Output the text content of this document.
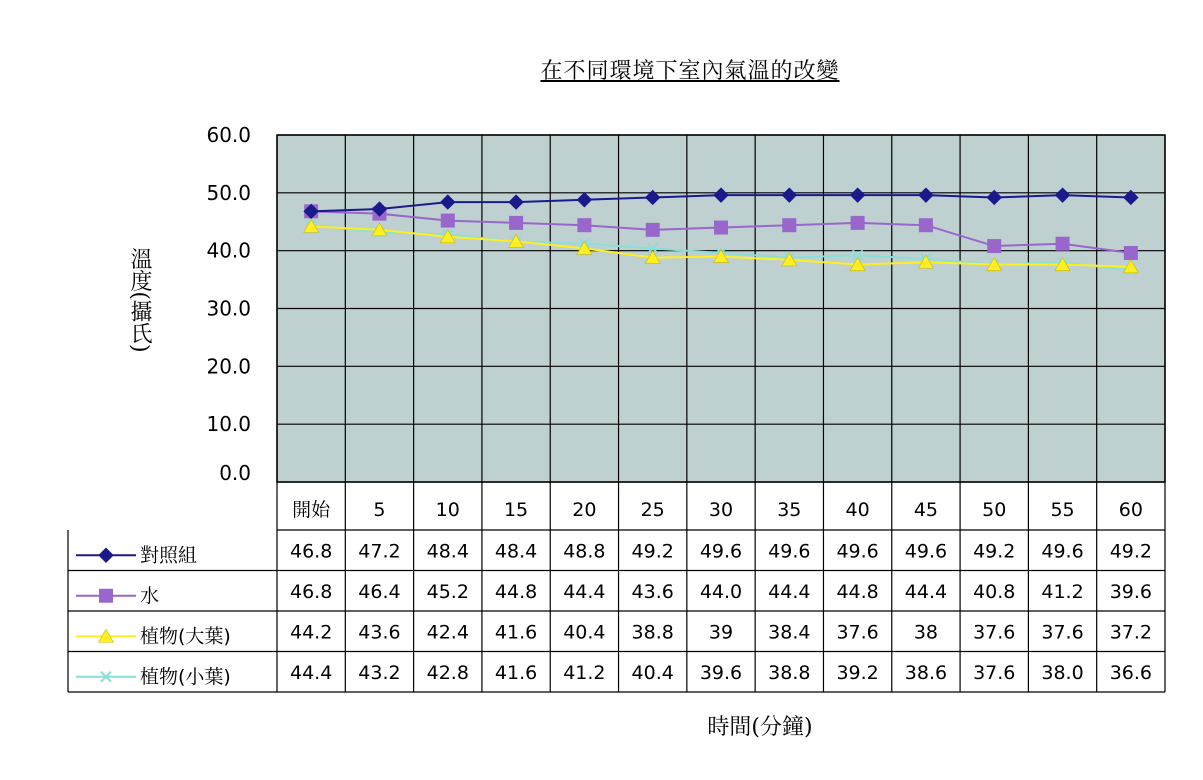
在不同環境下室內氣溫的改變
溫度(攝氏)
時間(分鐘)
0.0
10.0
20.0
30.0
40.0
50.0
60.0
開始 5	10 15 20 25 30 35 40 45 50 55 60
對照組	46.8 47.2 48.4 48.4 48.8 49.2 49.6 49.6 49.6 49.6 49.2 49.6 49.2
水	46.8 46.4 45.2 44.8 44.4 43.6 44.0 44.4 44.8 44.4 40.8 41.2 39.6
植物(大葉)	44.2 43.6 42.4 41.6 40.4 38.8 39 38.4 37.6 38 37.6 37.6 37.2
植物(小葉)	44.4 43.2 42.8 41.6 41.2 40.4 39.6 38.8 39.2 38.6 37.6 38.0 36.6
